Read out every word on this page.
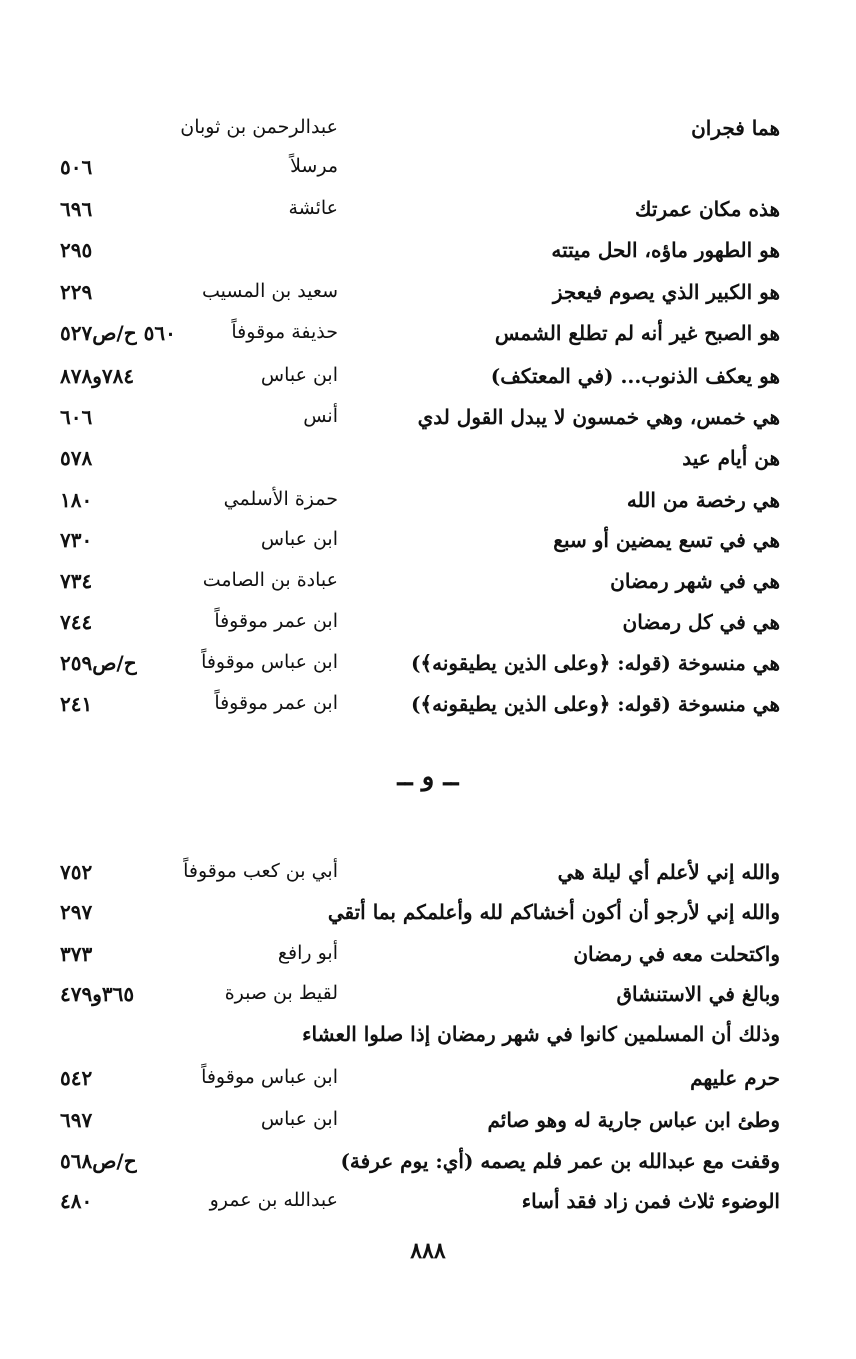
هما فجران
عبدالرحمن بن ثوبان
مرسلاً
٥٠٦
هذه مكان عمرتك
عائشة
٦٩٦
هو الطهور ماؤه، الحل ميتته
٢٩٥
هو الكبير الذي يصوم فيعجز
سعيد بن المسيب
٢٢٩
هو الصبح غير أنه لم تطلع الشمس
حذيفة موقوفاً
٥٦٠ ح/ص٥٢٧
هو يعكف الذنوب... (في المعتكف)
ابن عباس
٧٨٤و٨٧٨
هي خمس، وهي خمسون لا يبدل القول لدي
أنس
٦٠٦
هن أيام عيد
٥٧٨
هي رخصة من الله
حمزة الأسلمي
١٨٠
هي في تسع يمضين أو سبع
ابن عباس
٧٣٠
هي في شهر رمضان
عبادة بن الصامت
٧٣٤
هي في كل رمضان
ابن عمر موقوفاً
٧٤٤
هي منسوخة (قوله: ﴿وعلى الذين يطيقونه﴾)
ابن عباس موقوفاً
ح/ص٢٥٩
هي منسوخة (قوله: ﴿وعلى الذين يطيقونه﴾)
ابن عمر موقوفاً
٢٤١
ــ و ــ
والله إني لأعلم أي ليلة هي
أبي بن كعب موقوفاً
٧٥٢
والله إني لأرجو أن أكون أخشاكم لله وأعلمكم بما أتقي
٢٩٧
واكتحلت معه في رمضان
أبو رافع
٣٧٣
وبالغ في الاستنشاق
لقيط بن صبرة
٣٦٥و٤٧٩
وذلك أن المسلمين كانوا في شهر رمضان إذا صلوا العشاء
حرم عليهم
ابن عباس موقوفاً
٥٤٢
وطئ ابن عباس جارية له وهو صائم
ابن عباس
٦٩٧
وقفت مع عبدالله بن عمر فلم يصمه (أي: يوم عرفة)
ح/ص٥٦٨
الوضوء ثلاث فمن زاد فقد أساء
عبدالله بن عمرو
٤٨٠
٨٨٨
